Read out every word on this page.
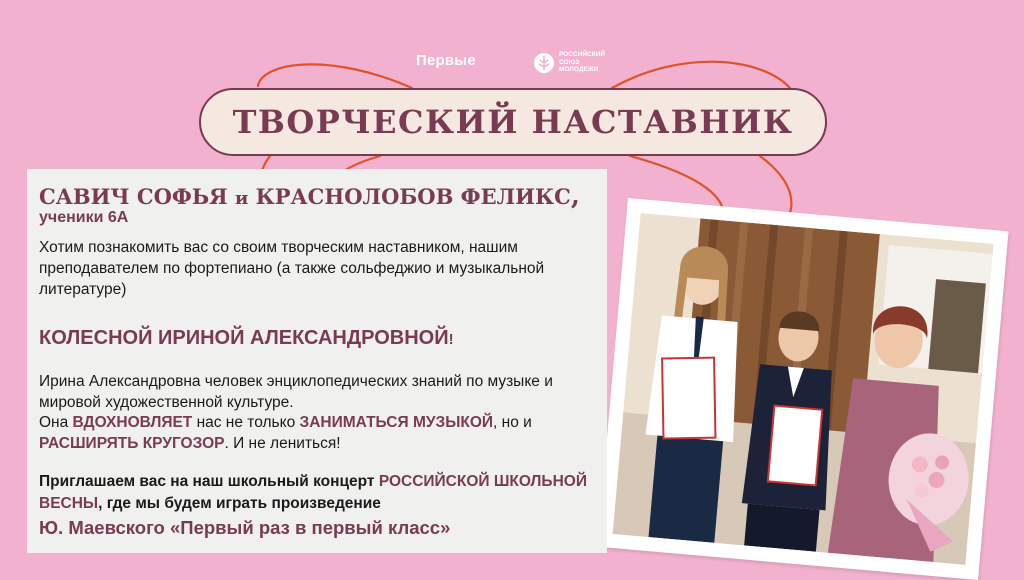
Первые	РОССИЙСКИЙ
СОЮЗ
МОЛОДЕЖИ
ТВОРЧЕСКИЙ НАСТАВНИК
САВИЧ СОФЬЯ и КРАСНОЛОБОВ ФЕЛИКС,
ученики 6А
Хотим познакомить вас со своим творческим наставником, нашим преподавателем по фортепиано (а также сольфеджио и музыкальной литературе)
КОЛЕСНОЙ ИРИНОЙ АЛЕКСАНДРОВНОЙ!
Ирина Александровна человек энциклопедических знаний по музыке и мировой художественной культуре.
Она ВДОХНОВЛЯЕТ нас не только ЗАНИМАТЬСЯ МУЗЫКОЙ, но и РАСШИРЯТЬ КРУГОЗОР. И не лениться!
Приглашаем вас на наш школьный концерт РОССИЙСКОЙ ШКОЛЬНОЙ ВЕСНЫ, где мы будем играть произведение
Ю. Маевского «Первый раз в первый класс»
